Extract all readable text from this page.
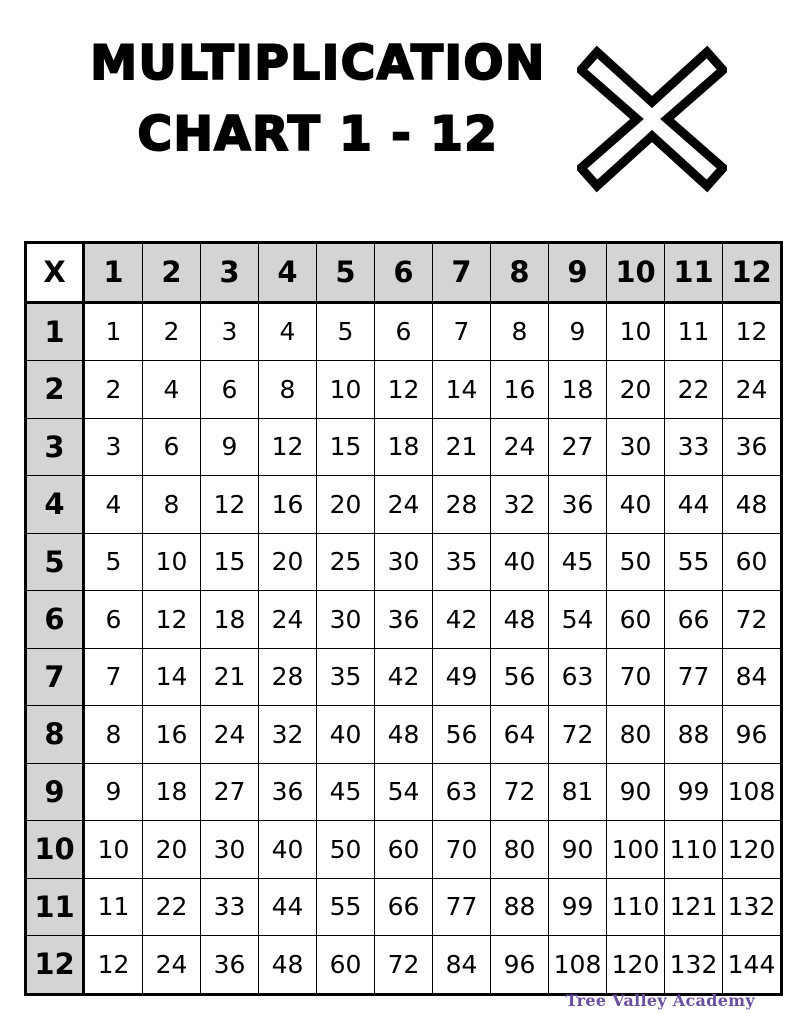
MULTIPLICATION
CHART 1 - 12
X	1	2	3	4	5	6	7	8	9	10	11	12
1	1	2	3	4	5	6	7	8	9	10	11	12
2	2	4	6	8	10	12	14	16	18	20	22	24
3	3	6	9	12	15	18	21	24	27	30	33	36
4	4	8	12	16	20	24	28	32	36	40	44	48
5	5	10	15	20	25	30	35	40	45	50	55	60
6	6	12	18	24	30	36	42	48	54	60	66	72
7	7	14	21	28	35	42	49	56	63	70	77	84
8	8	16	24	32	40	48	56	64	72	80	88	96
9	9	18	27	36	45	54	63	72	81	90	99	108
10	10	20	30	40	50	60	70	80	90	100	110	120
11	11	22	33	44	55	66	77	88	99	110	121	132
12	12	24	36	48	60	72	84	96	108	120	132	144
Tree Valley Academy
